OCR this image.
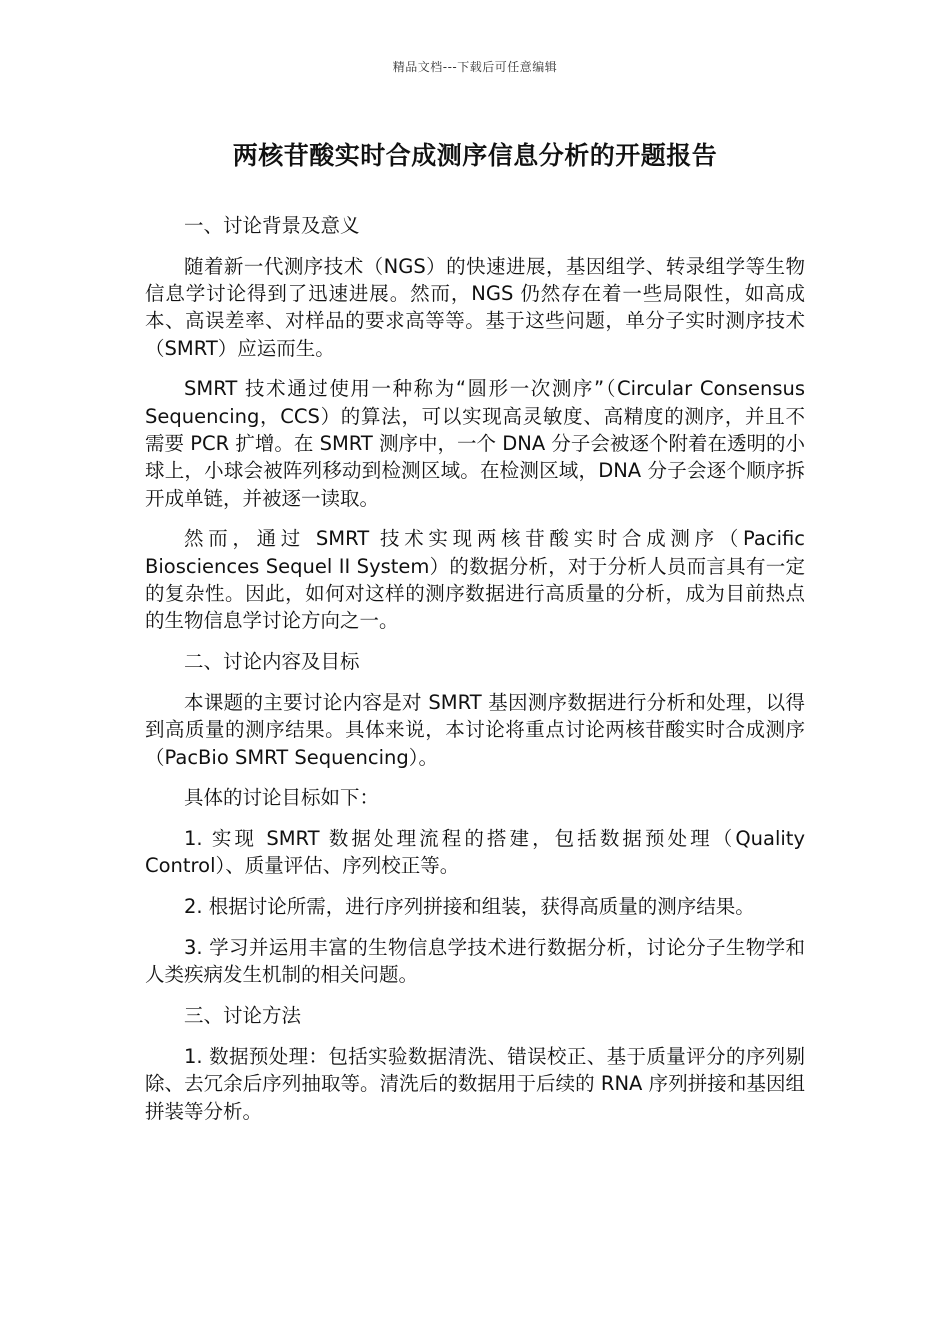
精品文档---下载后可任意编辑
两核苷酸实时合成测序信息分析的开题报告

一、讨论背景及意义

随着新一代测序技术（NGS）的快速进展，基因组学、转录组学等生物信息学讨论得到了迅速进展。然而，NGS 仍然存在着一些局限性，如高成本、高误差率、对样品的要求高等等。基于这些问题，单分子实时测序技术（SMRT）应运而生。

SMRT 技术通过使用一种称为“圆形一次测序”（Circular Consensus Sequencing，CCS）的算法，可以实现高灵敏度、高精度的测序，并且不需要 PCR 扩增。在 SMRT 测序中，一个 DNA 分子会被逐个附着在透明的小球上，小球会被阵列移动到检测区域。在检测区域，DNA 分子会逐个顺序拆开成单链，并被逐一读取。

然而，通过 SMRT 技术实现两核苷酸实时合成测序（Pacific Biosciences Sequel II System）的数据分析，对于分析人员而言具有一定的复杂性。因此，如何对这样的测序数据进行高质量的分析，成为目前热点的生物信息学讨论方向之一。

二、讨论内容及目标

本课题的主要讨论内容是对 SMRT 基因测序数据进行分析和处理，以得到高质量的测序结果。具体来说，本讨论将重点讨论两核苷酸实时合成测序（PacBio SMRT Sequencing）。

具体的讨论目标如下：

1. 实现 SMRT 数据处理流程的搭建，包括数据预处理（Quality Control）、质量评估、序列校正等。

2. 根据讨论所需，进行序列拼接和组装，获得高质量的测序结果。

3. 学习并运用丰富的生物信息学技术进行数据分析，讨论分子生物学和人类疾病发生机制的相关问题。

三、讨论方法

1. 数据预处理：包括实验数据清洗、错误校正、基于质量评分的序列剔除、去冗余后序列抽取等。清洗后的数据用于后续的 RNA 序列拼接和基因组拼装等分析。
